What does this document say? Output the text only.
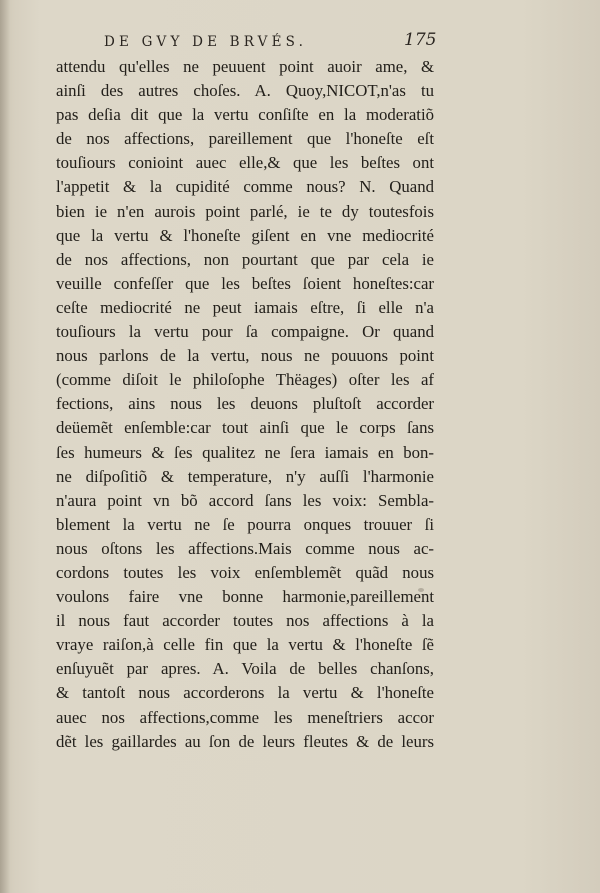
DE GVY DE BRVÉS.	175
attendu qu'elles ne peuuent point auoir ame, &
ainſi des autres choſes. A. Quoy,NICOT,n'as tu
pas deſia dit que la vertu conſiſte en la moderatiõ
de nos affections, pareillement que l'honeſte eſt
touſiours conioint auec elle,& que les beſtes ont
l'appetit & la cupidité comme nous? N. Quand
bien ie n'en aurois point parlé, ie te dy toutesfois
que la vertu & l'honeſte giſent en vne mediocrité
de nos affections, non pourtant que par cela ie
veuille confeſſer que les beſtes ſoient honeſtes:car
ceſte mediocrité ne peut iamais eſtre, ſi elle n'a
touſiours la vertu pour ſa compaigne. Or quand
nous parlons de la vertu, nous ne pouuons point
(comme diſoit le philoſophe Thëages) oſter les af
fections, ains nous les deuons pluſtoſt accorder
deüemẽt enſemble:car tout ainſi que le corps ſans
ſes humeurs & ſes qualitez ne ſera iamais en bon-
ne diſpoſitiõ & temperature, n'y auſſi l'harmonie
n'aura point vn bõ accord ſans les voix: Sembla-
blement la vertu ne ſe pourra onques trouuer ſi
nous oſtons les affections.Mais comme nous ac-
cordons toutes les voix enſemblemẽt quãd nous
voulons faire vne bonne harmonie,pareillement
il nous faut accorder toutes nos affections à la
vraye raiſon,à celle fin que la vertu & l'honeſte ſẽ
enſuyuẽt par apres. A. Voila de belles chanſons,
& tantoſt nous accorderons la vertu & l'honeſte
auec nos affections,comme les meneſtriers accor
dẽt les gaillardes au ſon de leurs fleutes & de leurs
